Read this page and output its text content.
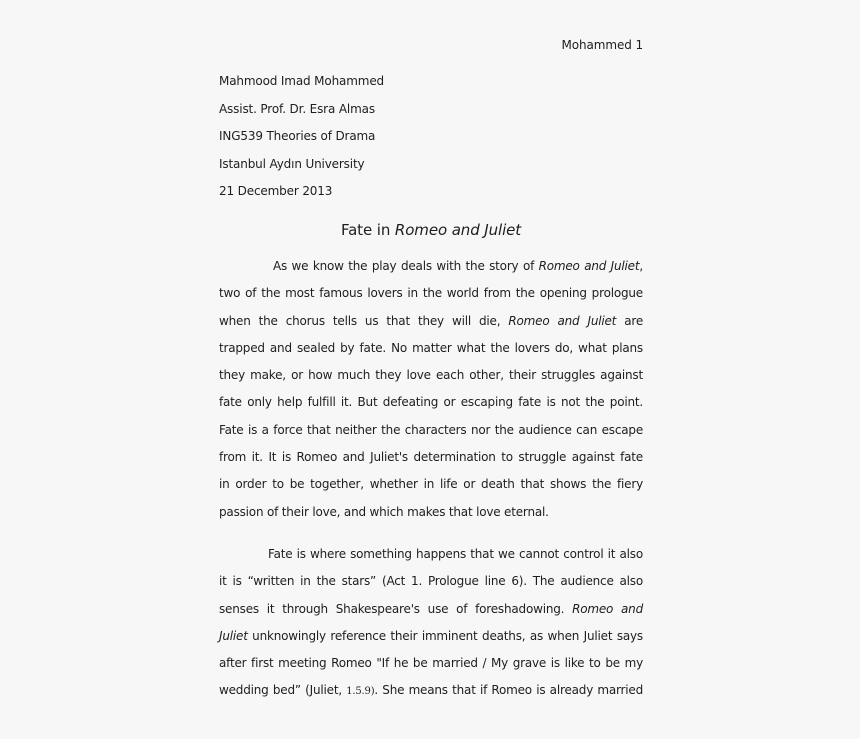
Mohammed 1
Mahmood Imad Mohammed
Assist. Prof. Dr. Esra Almas
ING539 Theories of Drama
Istanbul Aydın University
21 December 2013
Fate in Romeo and Juliet
As we know the play deals with the story of Romeo and Juliet,
two of the most famous lovers in the world from the opening prologue
when the chorus tells us that they will die, Romeo and Juliet are
trapped and sealed by fate. No matter what the lovers do, what plans
they make, or how much they love each other, their struggles against
fate only help fulfill it. But defeating or escaping fate is not the point.
Fate is a force that neither the characters nor the audience can escape
from it. It is Romeo and Juliet's determination to struggle against fate
in order to be together, whether in life or death that shows the fiery
passion of their love, and which makes that love eternal.
Fate is where something happens that we cannot control it also
it is “written in the stars” (Act 1. Prologue line 6). The audience also
senses it through Shakespeare's use of foreshadowing. Romeo and
Juliet unknowingly reference their imminent deaths, as when Juliet says
after first meeting Romeo "If he be married / My grave is like to be my
wedding bed” (Juliet, 1.5.9). She means that if Romeo is already married
